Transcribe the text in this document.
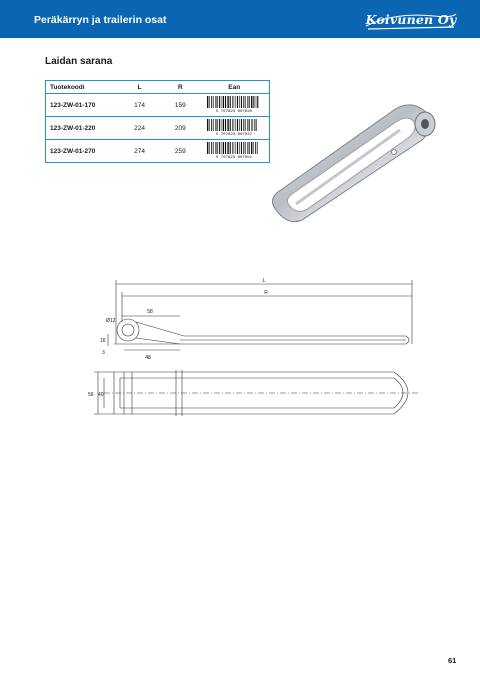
Peräkärryn ja trailerin osat	Koivunen Oy
Laidan sarana
Tuotekoodi	L	R	Ean
123-ZW-01-170	174	159	5 707823 007020

123-ZW-01-220	224	209	5 707823 007037

123-ZW-01-270	274	259	5 707823 007051
L
R
58
Ø12
16
3
48
56 40
61
